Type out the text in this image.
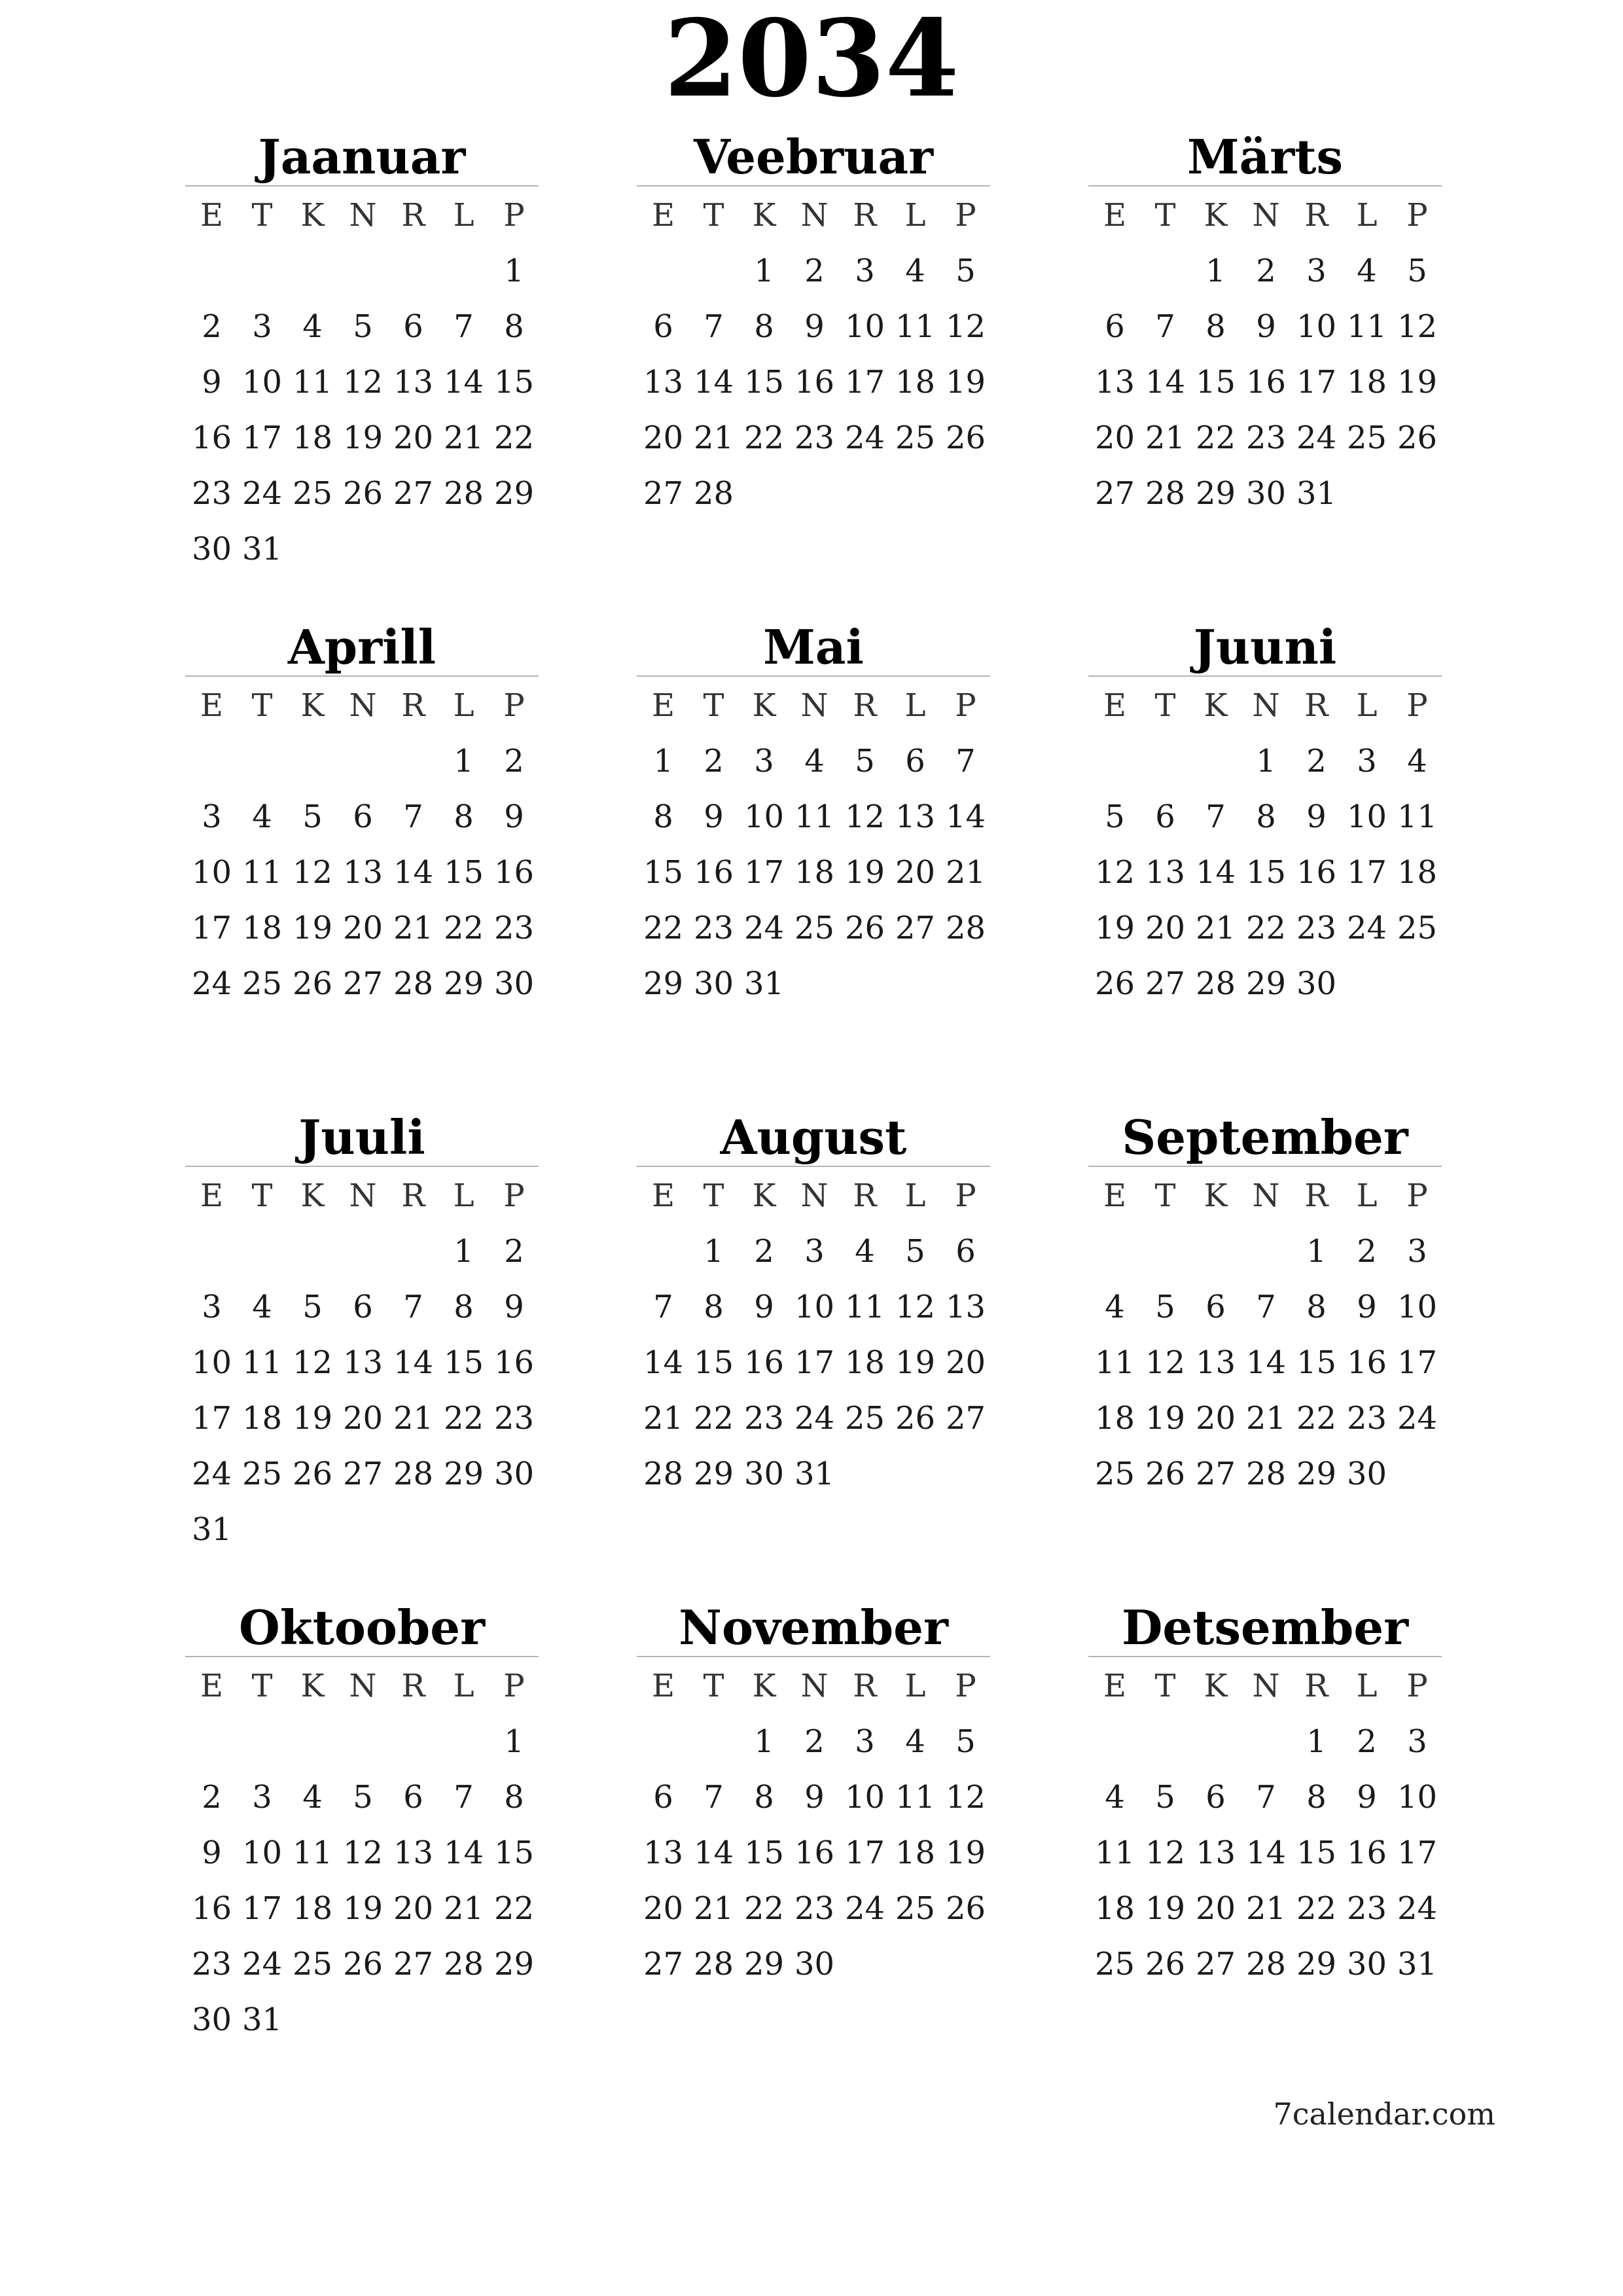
2034
Jaanuar
E T K N R L P
1
2 3 4 5 6 7 8
9 10 11 12 13 14 15
16 17 18 19 20 21 22
23 24 25 26 27 28 29
30 31
Veebruar
E T K N R L P
1 2 3 4 5
6 7 8 9 10 11 12
13 14 15 16 17 18 19
20 21 22 23 24 25 26
27 28
Märts
E T K N R L P
1 2 3 4 5
6 7 8 9 10 11 12
13 14 15 16 17 18 19
20 21 22 23 24 25 26
27 28 29 30 31
Aprill
E T K N R L P
1 2
3 4 5 6 7 8 9
10 11 12 13 14 15 16
17 18 19 20 21 22 23
24 25 26 27 28 29 30
Mai
E T K N R L P
1 2 3 4 5 6 7
8 9 10 11 12 13 14
15 16 17 18 19 20 21
22 23 24 25 26 27 28
29 30 31
Juuni
E T K N R L P
1 2 3 4
5 6 7 8 9 10 11
12 13 14 15 16 17 18
19 20 21 22 23 24 25
26 27 28 29 30
Juuli
E T K N R L P
1 2
3 4 5 6 7 8 9
10 11 12 13 14 15 16
17 18 19 20 21 22 23
24 25 26 27 28 29 30
31
August
E T K N R L P
1 2 3 4 5 6
7 8 9 10 11 12 13
14 15 16 17 18 19 20
21 22 23 24 25 26 27
28 29 30 31
September
E T K N R L P
1 2 3
4 5 6 7 8 9 10
11 12 13 14 15 16 17
18 19 20 21 22 23 24
25 26 27 28 29 30
Oktoober
E T K N R L P
1
2 3 4 5 6 7 8
9 10 11 12 13 14 15
16 17 18 19 20 21 22
23 24 25 26 27 28 29
30 31
November
E T K N R L P
1 2 3 4 5
6 7 8 9 10 11 12
13 14 15 16 17 18 19
20 21 22 23 24 25 26
27 28 29 30
Detsember
E T K N R L P
1 2 3
4 5 6 7 8 9 10
11 12 13 14 15 16 17
18 19 20 21 22 23 24
25 26 27 28 29 30 31
7calendar.com
